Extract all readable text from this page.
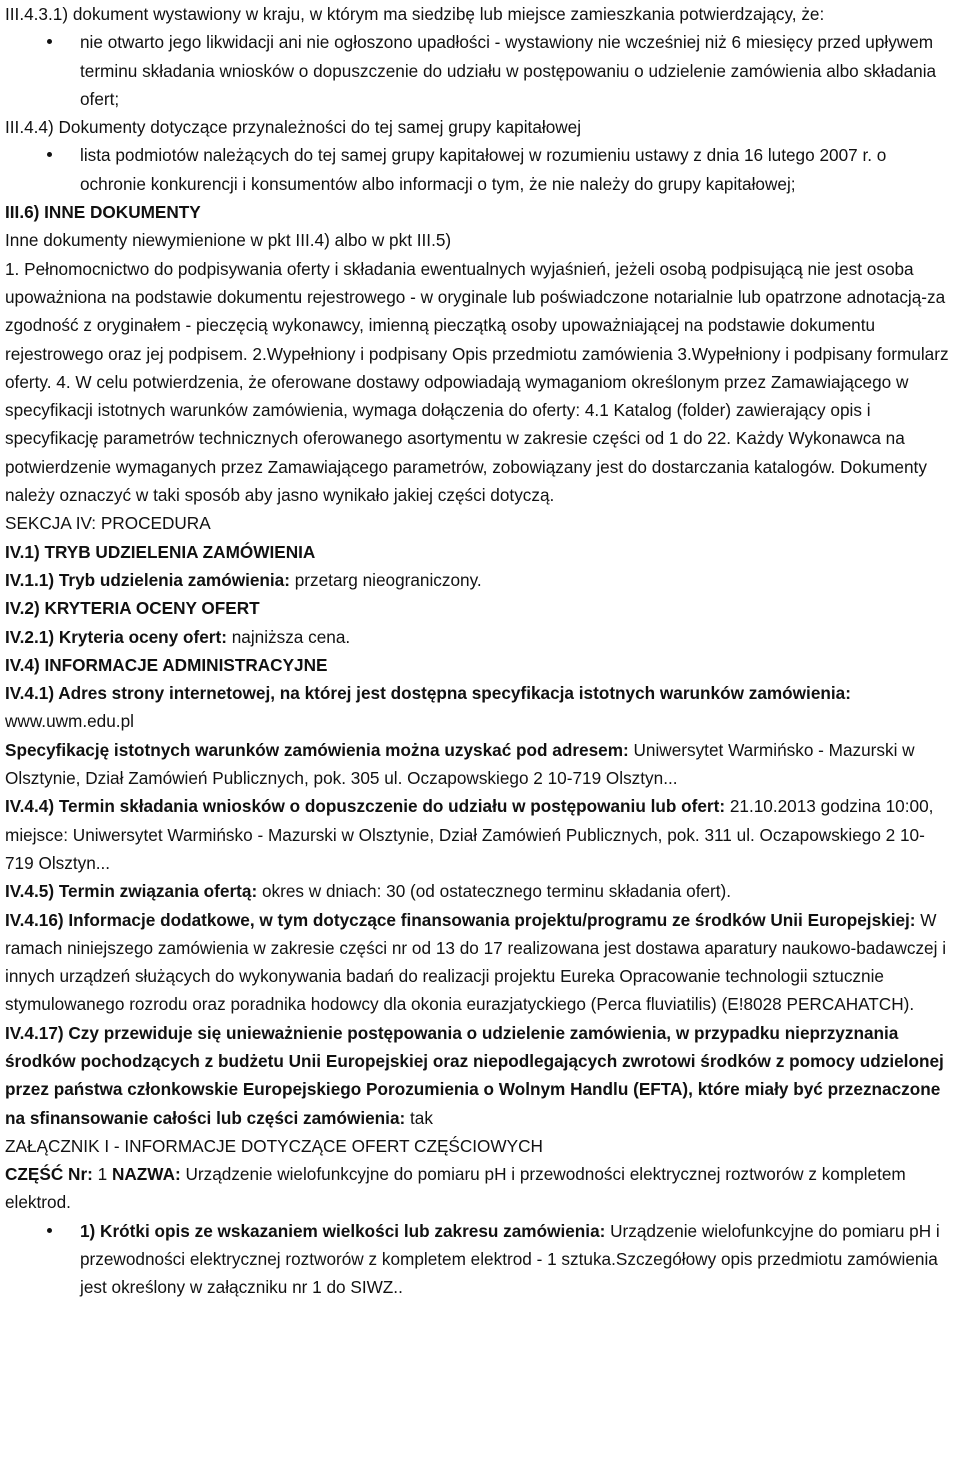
III.4.3.1) dokument wystawiony w kraju, w którym ma siedzibę lub miejsce zamieszkania potwierdzający, że:

nie otwarto jego likwidacji ani nie ogłoszono upadłości - wystawiony nie wcześniej niż 6 miesięcy przed upływem terminu składania wniosków o dopuszczenie do udziału w postępowaniu o udzielenie zamówienia albo składania ofert;

III.4.4) Dokumenty dotyczące przynależności do tej samej grupy kapitałowej

lista podmiotów należących do tej samej grupy kapitałowej w rozumieniu ustawy z dnia 16 lutego 2007 r. o ochronie konkurencji i konsumentów albo informacji o tym, że nie należy do grupy kapitałowej;

III.6) INNE DOKUMENTY

Inne dokumenty niewymienione w pkt III.4) albo w pkt III.5)

1. Pełnomocnictwo do podpisywania oferty i składania ewentualnych wyjaśnień, jeżeli osobą podpisującą nie jest osoba upoważniona na podstawie dokumentu rejestrowego - w oryginale lub poświadczone notarialnie lub opatrzone adnotacją-za zgodność z oryginałem - pieczęcią wykonawcy, imienną pieczątką osoby upoważniającej na podstawie dokumentu rejestrowego oraz jej podpisem. 2.Wypełniony i podpisany Opis przedmiotu zamówienia 3.Wypełniony i podpisany formularz oferty. 4. W celu potwierdzenia, że oferowane dostawy odpowiadają wymaganiom określonym przez Zamawiającego w specyfikacji istotnych warunków zamówienia, wymaga dołączenia do oferty: 4.1 Katalog (folder) zawierający opis i specyfikację parametrów technicznych oferowanego asortymentu w zakresie części od 1 do 22. Każdy Wykonawca na potwierdzenie wymaganych przez Zamawiającego parametrów, zobowiązany jest do dostarczania katalogów. Dokumenty należy oznaczyć w taki sposób aby jasno wynikało jakiej części dotyczą.

SEKCJA IV: PROCEDURA

IV.1) TRYB UDZIELENIA ZAMÓWIENIA

IV.1.1) Tryb udzielenia zamówienia: przetarg nieograniczony.

IV.2) KRYTERIA OCENY OFERT

IV.2.1) Kryteria oceny ofert: najniższa cena.

IV.4) INFORMACJE ADMINISTRACYJNE

IV.4.1) Adres strony internetowej, na której jest dostępna specyfikacja istotnych warunków zamówienia: www.uwm.edu.pl

Specyfikację istotnych warunków zamówienia można uzyskać pod adresem: Uniwersytet Warmińsko - Mazurski w Olsztynie, Dział Zamówień Publicznych, pok. 305 ul. Oczapowskiego 2 10-719 Olsztyn...

IV.4.4) Termin składania wniosków o dopuszczenie do udziału w postępowaniu lub ofert: 21.10.2013 godzina 10:00, miejsce: Uniwersytet Warmińsko - Mazurski w Olsztynie, Dział Zamówień Publicznych, pok. 311 ul. Oczapowskiego 2 10-719 Olsztyn...

IV.4.5) Termin związania ofertą: okres w dniach: 30 (od ostatecznego terminu składania ofert).

IV.4.16) Informacje dodatkowe, w tym dotyczące finansowania projektu/programu ze środków Unii Europejskiej: W ramach niniejszego zamówienia w zakresie części nr od 13 do 17 realizowana jest dostawa aparatury naukowo-badawczej i innych urządzeń służących do wykonywania badań do realizacji projektu Eureka Opracowanie technologii sztucznie stymulowanego rozrodu oraz poradnika hodowcy dla okonia eurazjatyckiego (Perca fluviatilis) (E!8028 PERCAHATCH).

IV.4.17) Czy przewiduje się unieważnienie postępowania o udzielenie zamówienia, w przypadku nieprzyznania środków pochodzących z budżetu Unii Europejskiej oraz niepodlegających zwrotowi środków z pomocy udzielonej przez państwa członkowskie Europejskiego Porozumienia o Wolnym Handlu (EFTA), które miały być przeznaczone na sfinansowanie całości lub części zamówienia: tak

ZAŁĄCZNIK I - INFORMACJE DOTYCZĄCE OFERT CZĘŚCIOWYCH

CZĘŚĆ Nr: 1 NAZWA: Urządzenie wielofunkcyjne do pomiaru pH i przewodności elektrycznej roztworów z kompletem elektrod.

1) Krótki opis ze wskazaniem wielkości lub zakresu zamówienia: Urządzenie wielofunkcyjne do pomiaru pH i przewodności elektrycznej roztworów z kompletem elektrod - 1 sztuka.Szczegółowy opis przedmiotu zamówienia jest określony w załączniku nr 1 do SIWZ..
